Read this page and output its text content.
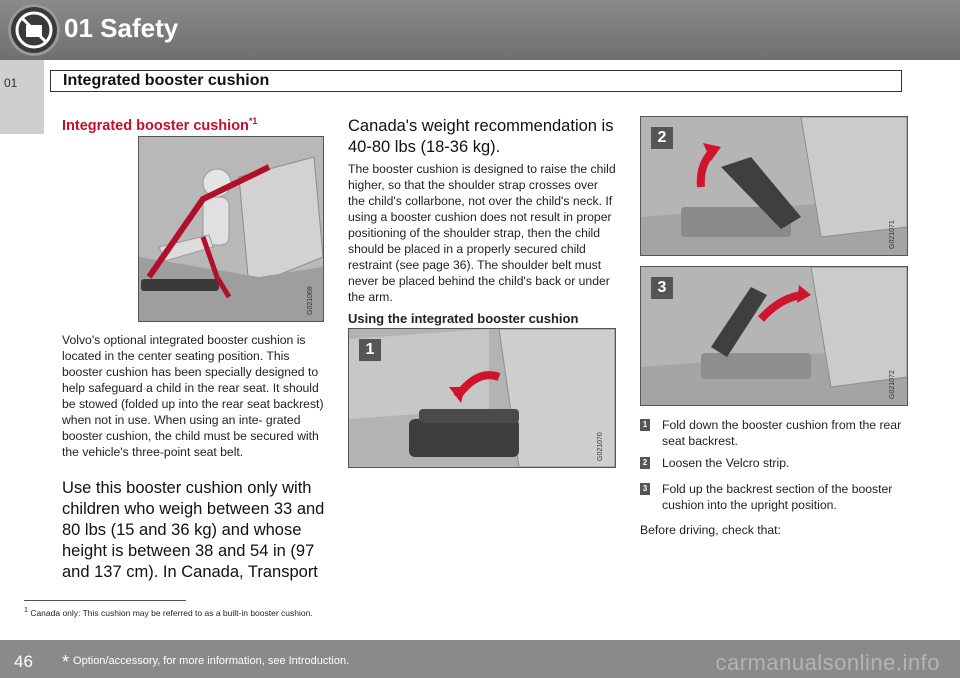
01 Safety
01	Integrated booster cushion
Integrated booster cushion$^{*1}$
G021069
Volvo's optional integrated booster cushion is located in the center seating position. This booster cushion has been specially designed to help safeguard a child in the rear seat. It should be stowed (folded up into the rear seat backrest) when not in use. When using an inte- grated booster cushion, the child must be secured with the vehicle's three-point seat belt.
Use this booster cushion only with children who weigh between 33 and 80 lbs (15 and 36 kg) and whose height is between 38 and 54 in (97 and 137 cm). In Canada, Transport
Canada's weight recommendation is 40-80 lbs (18-36 kg).
The booster cushion is designed to raise the child higher, so that the shoulder strap crosses over the child's collarbone, not over the child's neck. If using a booster cushion does not result in proper positioning of the shoulder strap, then the child should be placed in a properly secured child restraint (see page 36). The shoulder belt must never be placed behind the child's back or under the arm.
Using the integrated booster cushion
1
G021070
2
G021071
3
G021072
1 Fold down the booster cushion from the rear seat backrest.
2 Loosen the Velcro strip.
3 Fold up the backrest section of the booster cushion into the upright position.
Before driving, check that:
$^1$ Canada only: This cushion may be referred to as a built-in booster cushion.
46 * Option/accessory, for more information, see Introduction.	carmanualsonline.info
